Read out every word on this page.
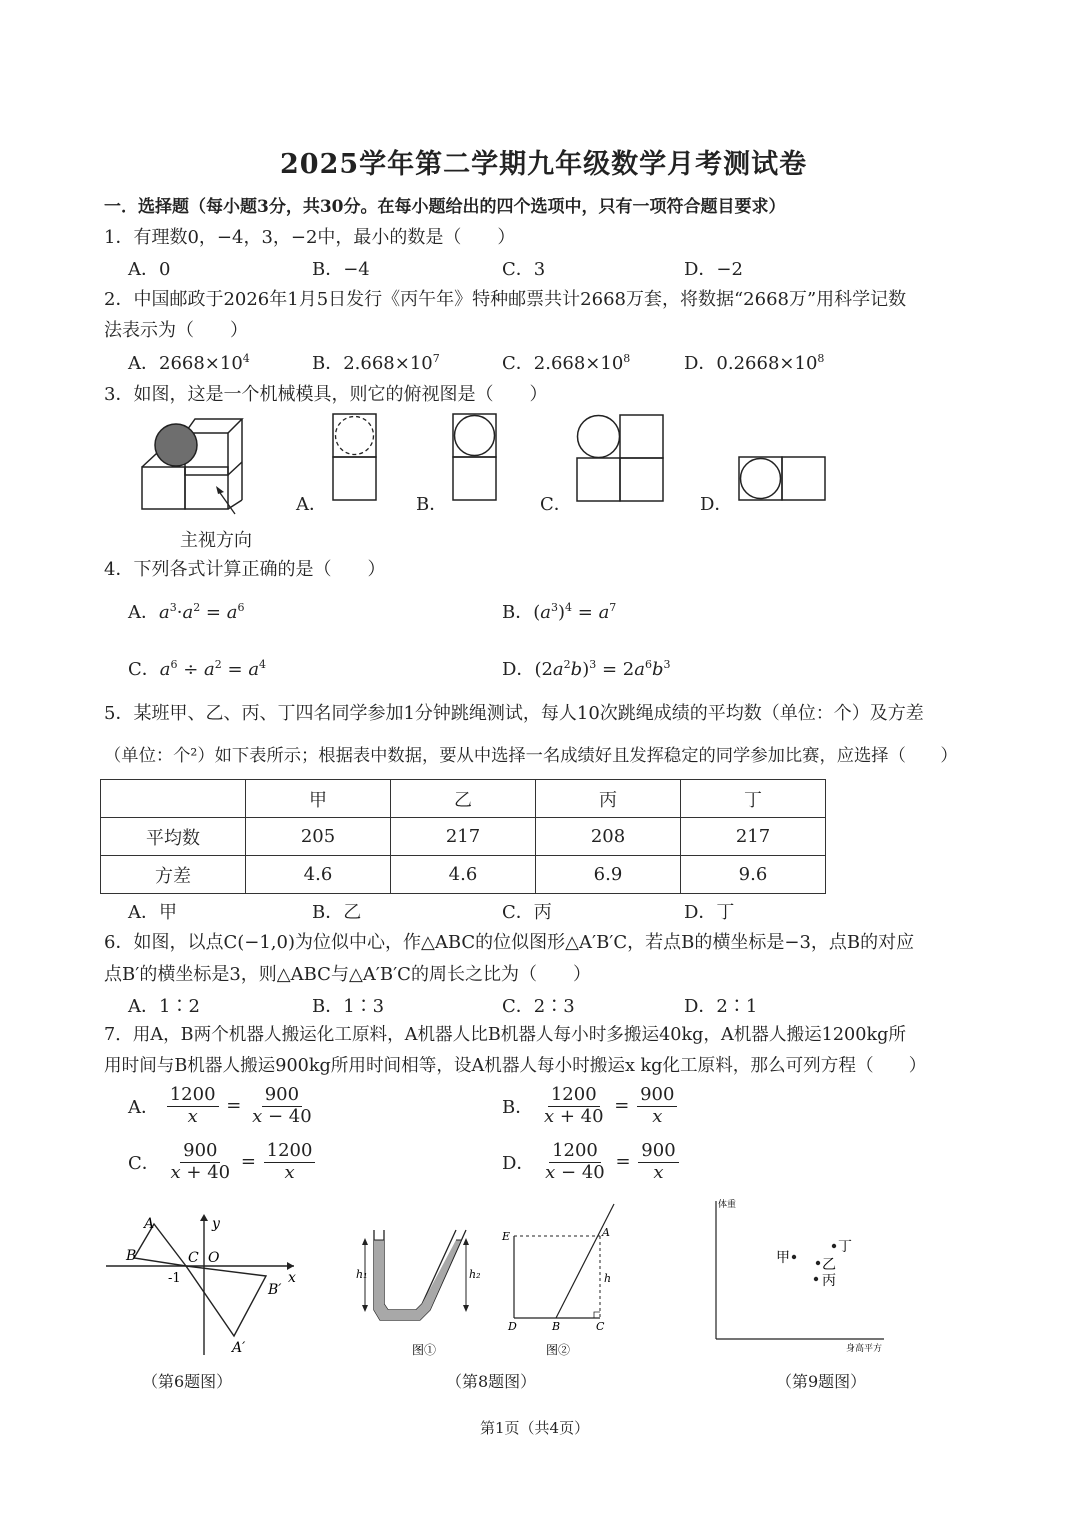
2025学年第二学期九年级数学月考测试卷
一．选择题（每小题3分，共30分。在每小题给出的四个选项中，只有一项符合题目要求）
1．有理数0，−4，3，−2中，最小的数是（　　）
A．0	B．−4	C．3	D．−2
2．中国邮政于2026年1月5日发行《丙午年》特种邮票共计2668万套，将数据“2668万”用科学记数
法表示为（　　）
A．$2668\times 10^4$	B．$2.668\times 10^7$	C．$2.668\times 10^8$	D．$0.2668\times 10^8$
3．如图，这是一个机械模具，则它的俯视图是（　　）
主视方向
A．	B．	C．	D．
4．下列各式计算正确的是（　　）
A．$a^3\cdot a^2 = a^6$	B．$(a^3)^4 = a^7$
C．$a^6 \div a^2 = a^4$	D．$(2a^2b)^3 = 2a^6b^3$
5．某班甲、乙、丙、丁四名同学参加1分钟跳绳测试，每人10次跳绳成绩的平均数（单位：个）及方差
（单位：个²）如下表所示；根据表中数据，要从中选择一名成绩好且发挥稳定的同学参加比赛，应选择（　　）
	甲	乙	丙	丁
平均数	205	217	208	217
方差	4.6	4.6	6.9	9.6
A．甲	B．乙	C．丙	D．丁
6．如图，以点C(−1,0)为位似中心，作△ABC的位似图形△A′B′C，若点B的横坐标是−3，点B的对应
点B′的横坐标是3，则△ABC与△A′B′C的周长之比为（　　）
A．1∶2	B．1∶3	C．2∶3	D．2∶1
7．用A，B两个机器人搬运化工原料，A机器人比B机器人每小时多搬运40kg，A机器人搬运1200kg所
用时间与B机器人搬运900kg所用时间相等，设A机器人每小时搬运x kg化工原料，那么可列方程（　　）
A． $\frac{1200}{x} = \frac{900}{x - 40}$	B． $\frac{1200}{x + 40} = \frac{900}{x}$
C． $\frac{900}{x + 40} = \frac{1200}{x}$	D． $\frac{1200}{x - 40} = \frac{900}{x}$
A
B	C O
y
x
-1
B′
A′
（第6题图）
h₁	h₂
图①
E	A
h
D	B	C
图②
（第8题图）
体重
身高平方
甲 乙
丙
丁
（第9题图）
第1页（共4页）
